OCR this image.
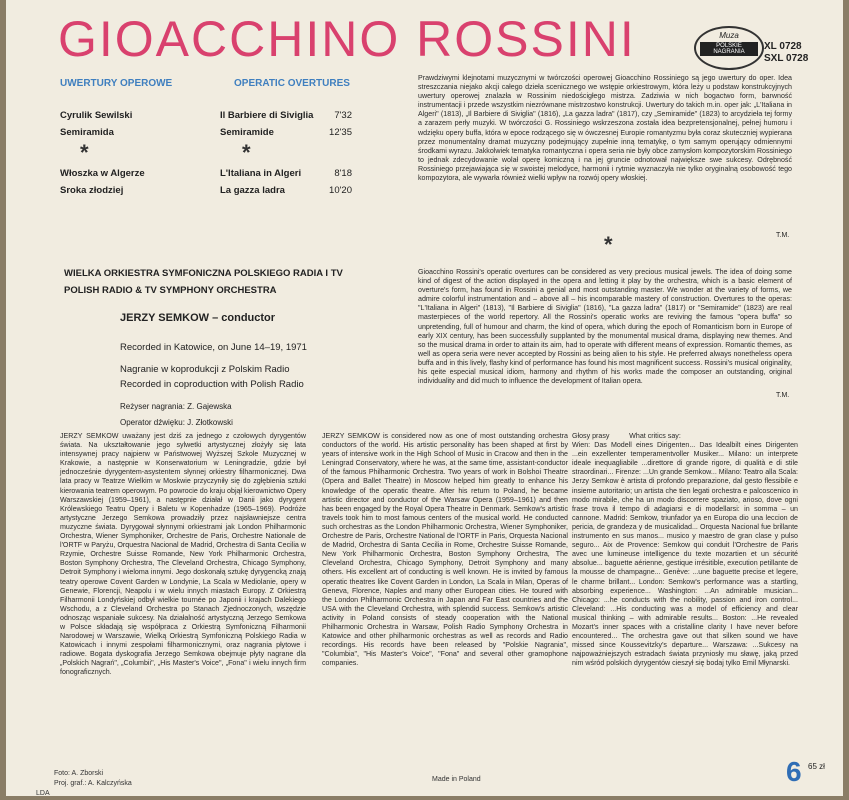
GIOACCHINO ROSSINI	Muza
POLSKIE NAGRANIA	XL 0728
SXL 0728
UWERTURY OPEROWE	OPERATIC OVERTURES
Cyrulik Sewilski	Il Barbiere di Siviglia	7'32
Semiramida	Semiramide	12'35
*	*
Włoszka w Algerze	L'Italiana in Algeri	8'18
Sroka złodziej	La gazza ladra	10'20
WIELKA ORKIESTRA SYMFONICZNA POLSKIEGO RADIA I TV
POLISH RADIO & TV SYMPHONY ORCHESTRA
JERZY SEMKOW – conductor
Recorded in Katowice, on June 14–19, 1971
Nagranie w koprodukcji z Polskim Radio
Recorded in coproduction with Polish Radio
Reżyser nagrania: Z. Gajewska
Operator dźwięku: J. Złotkowski
Prawdziwymi klejnotami muzycznymi w twórczości operowej Gioacchino Rossiniego są jego uwertury do oper. Idea streszczania niejako akcji całego dzieła scenicznego we wstępie orkiestrowym, która leży u podstaw konstrukcyjnych uwertury operowej znalazła w Rossinim niedościgłego mistrza. Zadziwia w nich bogactwo form, barwność instrumentacji i przede wszystkim niezrównane mistrzostwo konstrukcji. Uwertury do takich m.in. oper jak: „L'Italiana in Algeri" (1813), „Il Barbiere di Siviglia" (1816), „La gazza ladra" (1817), czy „Semiramide" (1823) to arcydzieła tej formy a zarazem perły muzyki. W twórczości G. Rossiniego wskrzeszona została idea bezpretensjonalnej, pełnej humoru i wdzięku opery buffa, która w epoce rodzącego się w ówczesnej Europie romantyzmu była coraz skuteczniej wypierana przez monumentalny dramat muzyczny podejmujący zupełnie inną tematykę, o tym samym operujący odmiennymi środkami wyrazu. Jakkolwiek tematyka romantyczna i opera seria nie były obce zamysłom kompozytorskim Rossiniego to jednak zdecydowanie wolał operę komiczną i na jej gruncie odnotował największe swe sukcesy. Odrębność Rossiniego przejawiająca się w swoistej melodyce, harmonii i rytmie wyznaczyła nie tylko oryginalną osobowość tego kompozytora, ale wywarła również wielki wpływ na rozwój opery włoskiej.
T.M.
*
Gioacchino Rossini's operatic overtures can be considered as very precious musical jewels. The idea of doing some kind of digest of the action displayed in the opera and letting it play by the orchestra, which is a basic element of overture's form, has found in Rossini a genial and most outstanding master. We wonder at the variety of forms, we admire colorful instrumentation and – above all – his incomparable mastery of construction. Overtures to the operas: "L'Italiana in Algeri" (1813), "Il Barbiere di Siviglia" (1816), "La gazza ladra" (1817) or "Semiramide" (1823) are real masterpieces of the world repertory. All the Rossini's operatic works are reviving the famous "opera buffa" so unpretending, full of humour and charm, the kind of opera, which during the epoch of Romanticism born in Europe of early XIX century, has been successfully supplanted by the monumental musical drama, displaying new themes. And so the musical drama in order to attain its aim, had to operate with different means of expression. Romantic themes, as well as opera seria were never accepted by Rossini as being alien to his style. He preferred always nonetheless opera buffa and in this lively, flashy kind of performance has found his most magnificent success. Rossini's musical originality, his qeite especial musical idiom, harmony and rhythm of his works made the composer an outstanding, original individuality and did much to influence the development of Italian opera.
T.M.
JERZY SEMKOW uważany jest dziś za jednego z czołowych dyrygentów świata. Na ukształtowanie jego sylwetki artystycznej złożyły się lata intensywnej pracy najpierw w Państwowej Wyższej Szkole Muzycznej w Krakowie, a następnie w Konserwatorium w Leningradzie, gdzie był jednocześnie dyrygentem-asystentem słynnej orkiestry filharmonicznej. Dwa lata pracy w Teatrze Wielkim w Moskwie przyczyniły się do zgłębienia sztuki kierowania teatrem operowym. Po powrocie do kraju objął kierownictwo Opery Warszawskiej (1959–1961), a następnie działał w Danii jako dyrygent Królewskiego Teatru Opery i Baletu w Kopenhadze (1965–1969). Podróże artystyczne Jerzego Semkowa prowadziły przez najsławniejsze centra muzyczne świata. Dyrygował słynnymi orkiestrami jak London Philharmonic Orchestra, Wiener Symphoniker, Orchestre de Paris, Orchestre Nationale de l'ORTF w Paryżu, Orquestra Nacional de Madrid, Orchestra di Santa Cecilia w Rzymie, Orchestre Suisse Romande, New York Philharmonic Orchestra, Boston Symphony Orchestra, The Cleveland Orchestra, Chicago Symphony, Detroit Symphony i wieloma innymi. Jego doskonałą sztukę dyrygencką znają teatry operowe Covent Garden w Londynie, La Scala w Mediolanie, opery w Genewie, Florencji, Neapolu i w wielu innych miastach Europy. Z Orkiestrą Filharmonii Londyńskiej odbył wielkie tournée po Japonii i krajach Dalekiego Wschodu, a z Cleveland Orchestra po Stanach Zjednoczonych, wszędzie odnosząc wspaniałe sukcesy. Na działalność artystyczną Jerzego Semkowa w Polsce składają się współpraca z Orkiestrą Symfoniczną Filharmonii Narodowej w Warszawie, Wielką Orkiestrą Symfoniczną Polskiego Radia w Katowicach i innymi zespołami filharmonicznymi, oraz nagrania płytowe i radiowe. Bogata dyskografia Jerzego Semkowa obejmuje płyty nagrane dla „Polskich Nagrań", „Columbii", „His Master's Voice", „Fona" i wielu innych firm fonograficznych.
JERZY SEMKOW is considered now as one of most outstanding orchestra conductors of the world. His artistic personality has been shaped at first by years of intensive work in the High School of Music in Cracow and then in the Leningrad Conservatory, where he was, at the same time, assistant-conductor of the famous Philharmonic Orchestra. Two years of work in Bolshoi Theatre (Opera and Ballet Theatre) in Moscow helped him greatly to enhance his knowledge of the operatic theatre. After his return to Poland, he became artistic director and conductor of the Warsaw Opera (1959–1961) and then has been engaged by the Royal Opera Theatre in Denmark. Semkow's artistic travels took him to most famous centers of the musical world. He conducted such orchestras as the London Philharmonic Orchestra, Wiener Symphoniker, Orchestre de Paris, Orchestre National de l'ORTF in Paris, Orquesta Nacional de Madrid, Orchestra di Santa Cecilia in Rome, Orchestre Suisse Romande, New York Philharmonic Orchestra, Boston Symphony Orchestra, The Cleveland Orchestra, Chicago Symphony, Detroit Symphony and many others. His excellent art of conducting is well known. He is invited by famous operatic theatres like Covent Garden in London, La Scala in Milan, Operas of Geneva, Florence, Naples and many other European cities. He toured with the London Philharmonic Orchestra in Japan and Far East countries and the USA with the Cleveland Orchestra, with splendid success. Semkow's artistic activity in Poland consists of steady cooperation with the National Philharmonic Orchestra in Warsaw, Polish Radio Symphony Orchestra in Katowice and other philharmonic orchestras as well as records and Radio recordings. His records have been released by "Polskie Nagrania", "Columbia", "His Master's Voice", "Fona" and several other gramophone companies.

Głosy prasy	What critics say:

Wien: Das Modell eines Dirigenten... Das Idealbilt eines Dirigenten ...ein exzellenter temperamentvoller Musiker... Milano: un interprete ideale inequagliabile ...direttore di grande rigore, di qualità e di stile straordinari... Firenze: ...Un grande Semkow... Milano: Teatro alla Scala: Jerzy Semkow è artista di profondo preparazione, dal gesto flessibile e insieme autoritario; un artista che tien legati orchestra e palcoscenico in modo mirabile, che ha un modo discorrere spaziato, arioso, dove ogni frase trova il tempo di adagiarsi e di modellarsi: in somma – un cannone. Madrid: Semkow, triunfador ya en Europa dio una leccion de pericia, de grandeza y de musicalidad... Orquesta Nacional fue brillante instrumento en sus manos... musico y maestro de gran clase y pulso seguro... Aix de Provence: Semkow qui conduit l'Orchestre de Paris avec une lumineuse intelligence du texte mozartien et un sécurité absolue... baguette aérienne, gestique irrésitible, execution petillante de la mousse de champagne... Genève: ...une baguette precise et legere, le charme brillant... London: Semkow's performance was a startling, absorbing experience... Washington: ...An admirable musician... Chicago: ...he conducts with the nobility, passion and iron control... Cleveland: ...His conducting was a model of efficiency and clear musical thinking – with admirable results... Boston: ...He revealed Mozart's inner spaces with a cristalline clarity I have never before encountered... The orchestra gave out that silken sound we have missed since Koussevitzky's departure... Warszawa: ...Sukcesy na najpoważniejszych estradach świata przyniosły mu sławę, jaką przed nim wśród polskich dyrygentów cieszył się bodaj tylko Emil Młynarski.

Foto: A. Zborski
Proj. graf.: A. Kalczyńska
LDA
Made in Poland	6 65 zł
